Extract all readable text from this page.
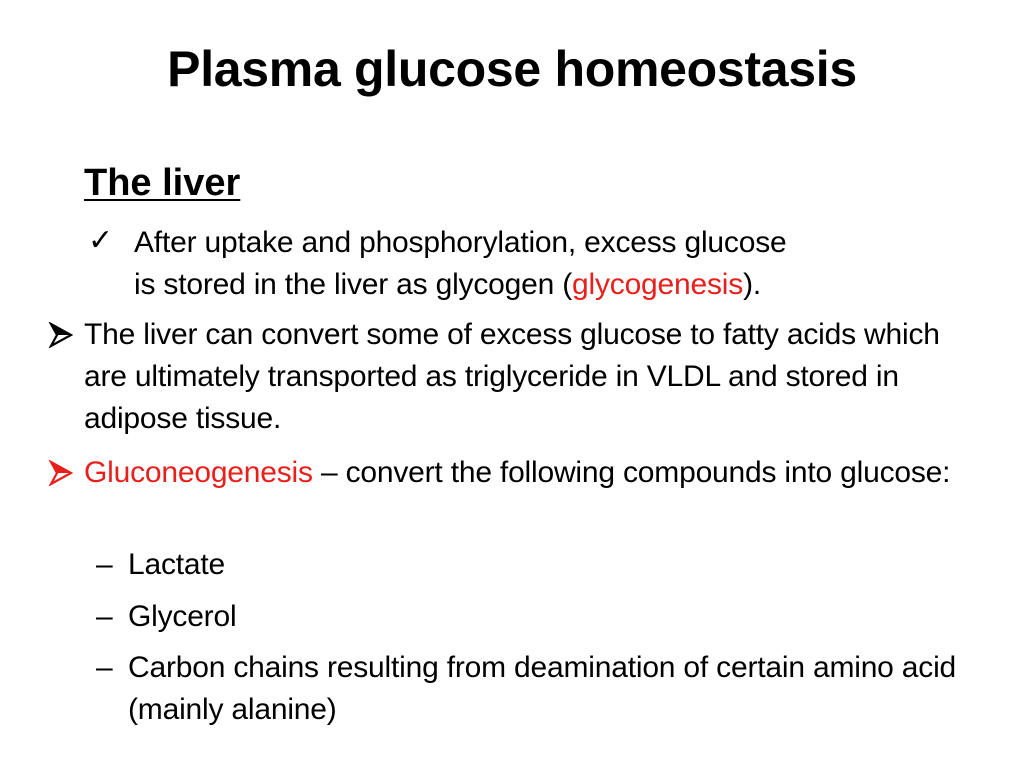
Plasma glucose homeostasis
The liver
✓ After uptake and phosphorylation, excess glucose
is stored in the liver as glycogen (glycogenesis).
The liver can convert some of excess glucose to fatty acids which are ultimately transported as triglyceride in VLDL and stored in adipose tissue.
Gluconeogenesis – convert the following compounds into glucose:
– Lactate
– Glycerol
– Carbon chains resulting from deamination of certain amino acid (mainly alanine)
